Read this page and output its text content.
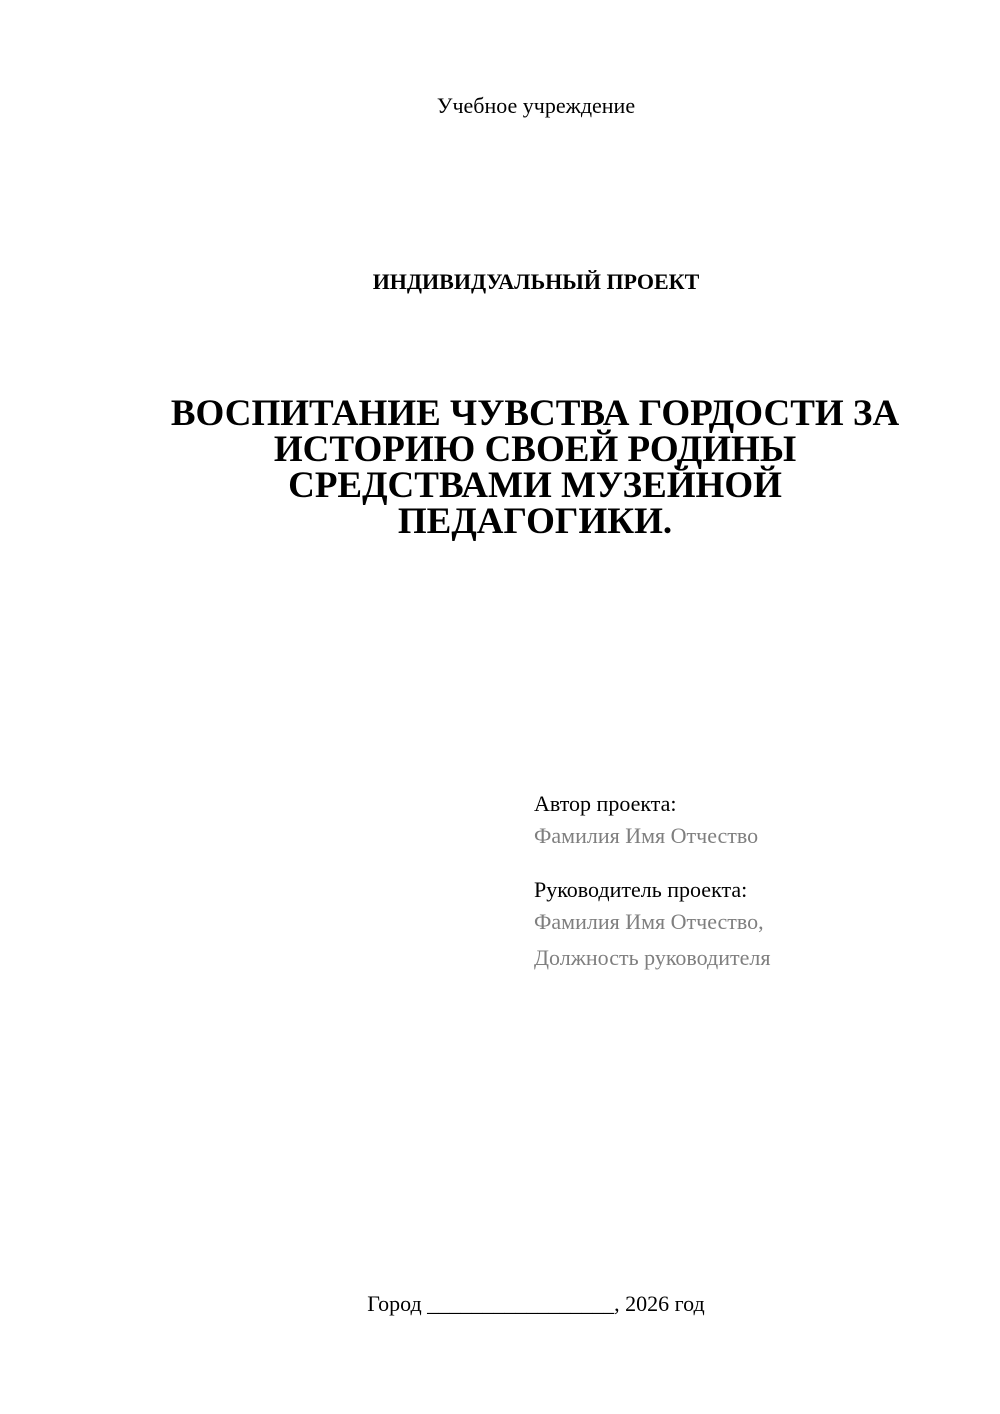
Учебное учреждение
ИНДИВИДУАЛЬНЫЙ ПРОЕКТ
ВОСПИТАНИЕ ЧУВСТВА ГОРДОСТИ ЗА
ИСТОРИЮ СВОЕЙ РОДИНЫ
СРЕДСТВАМИ МУЗЕЙНОЙ
ПЕДАГОГИКИ.

Автор проекта:

Фамилия Имя Отчество

Руководитель проекта:

Фамилия Имя Отчество,

Должность руководителя

Город _________________, 2026 год
